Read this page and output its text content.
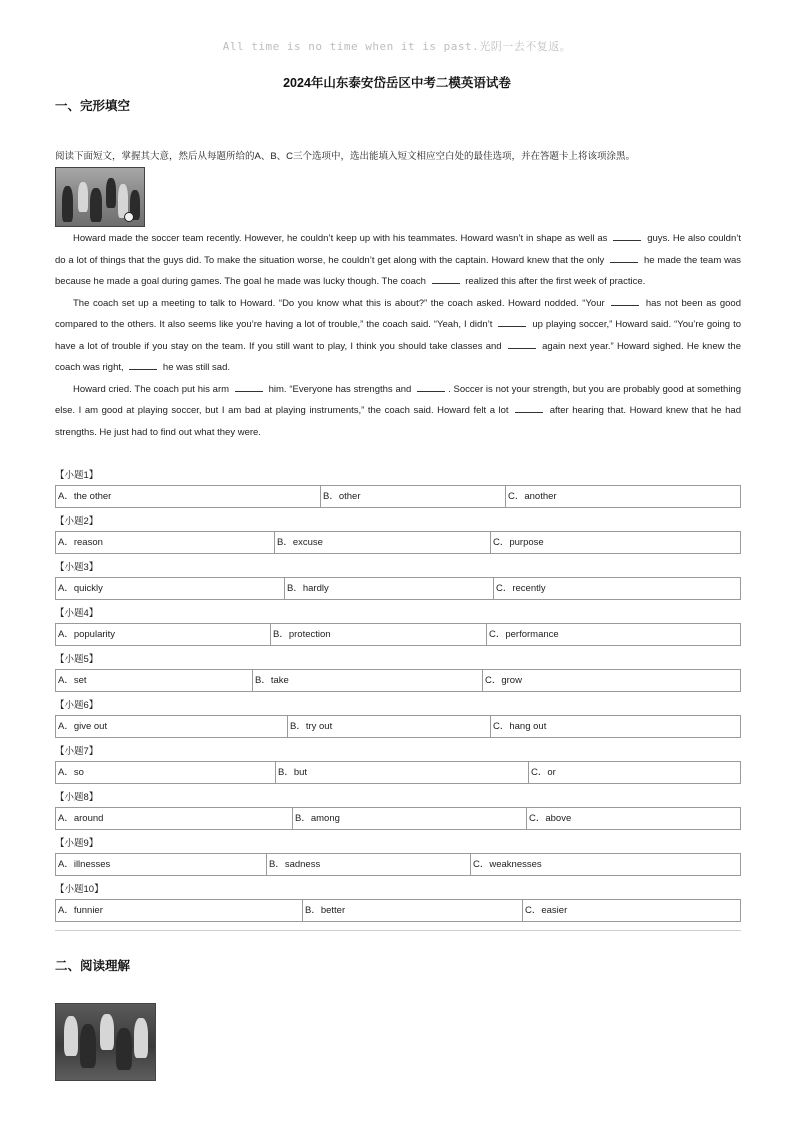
All time is no time when it is past.光阴一去不复返。
2024年山东泰安岱岳区中考二模英语试卷
一、完形填空
阅读下面短文，掌握其大意，然后从每题所给的A、B、C三个选项中，选出能填入短文相应空白处的最佳选项，并在答题卡上将该项涂黑。

Howard made the soccer team recently. However, he couldn’t keep up with his teammates. Howard wasn’t in shape as well as	guys. He also couldn’t do a lot of things that the guys did. To make the situation worse, he couldn’t get along with the captain. Howard knew that the only	he made the team was because he made a goal during games. The goal he made was lucky though. The coach	realized this after the first week of practice.

The coach set up a meeting to talk to Howard. “Do you know what this is about?” the coach asked. Howard nodded. “Your	has not been as good compared to the others. It also seems like you’re having a lot of trouble,” the coach said. “Yeah, I didn’t	up playing soccer,” Howard said. “You’re going to have a lot of trouble if you stay on the team. If you still want to play, I think you should take classes and	again next year.” Howard sighed. He knew the coach was right,	he was still sad.

Howard cried. The coach put his arm	him. “Everyone has strengths and	. Soccer is not your strength, but you are probably good at something else. I am good at playing soccer, but I am bad at playing instruments,” the coach said. Howard felt a lot	after hearing that. Howard knew that he had strengths. He just had to find out what they were.

【小题1】
A．the other	B．other	C．another
【小题2】
A．reason	B．excuse	C．purpose
【小题3】
A．quickly	B．hardly	C．recently
【小题4】
A．popularity	B．protection	C．performance
【小题5】
A．set	B．take	C．grow
【小题6】
A．give out	B．try out	C．hang out
【小题7】
A．so	B．but	C．or
【小题8】
A．around	B．among	C．above
【小题9】
A．illnesses	B．sadness	C．weaknesses
【小题10】
A．funnier	B．better	C．easier
二、阅读理解
